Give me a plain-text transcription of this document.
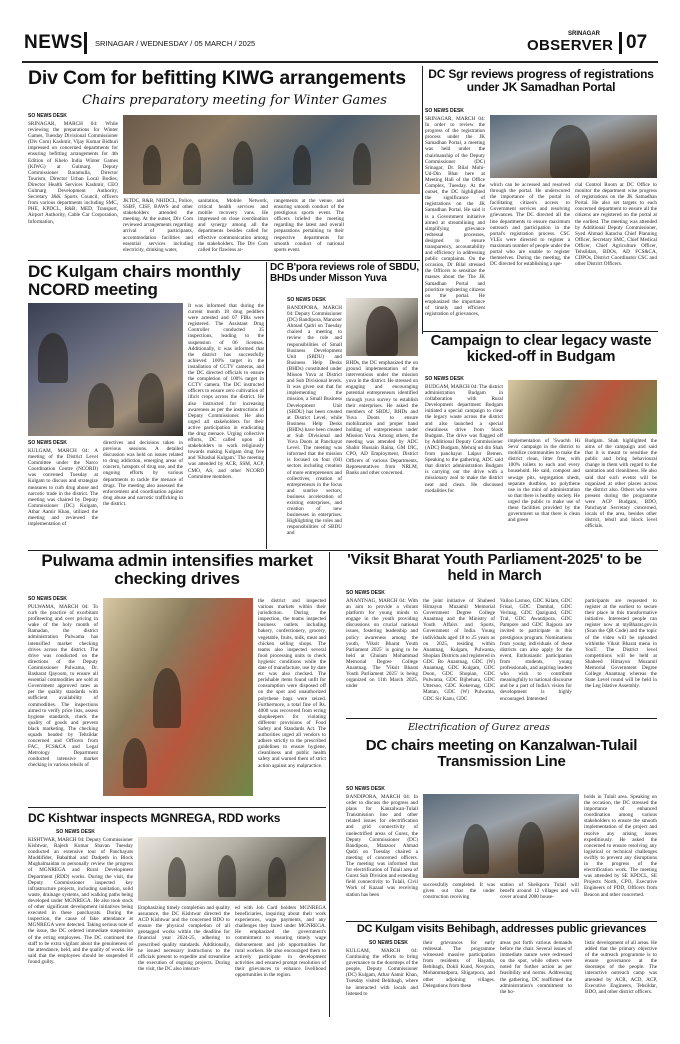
NEWS SRINAGAR / WEDNESDAY / 05 MARCH / 2025
SRINAGAR
OBSERVER 07
Div Com for befitting KIWG arrangements
Chairs preparatory meeting for Winter Games
SO NEWS DESK
SRINAGAR, MARCH 04: While reviewing the preparations for Winter Games, Tuesday Divisional Commissioner (Div Com) Kashmir, Vijay Kumar Bidhuri impressed on concerned departments for ensuring befitting arrangements for 4th Edition of Khelo India Winter Games (KIWG) at Gulmarg. Deputy Commissioner Baramulla, Director Tourism, Director Urban Local Bodies, Director Health Services Kashmir, CEO Gulmarg Development Authority, Secretary J&K Sports Council, officers from various departments including SMC, PHE, KPDCL, R&B, MED, Transport, Airport Authority, Cable Car Corporation, Information,
JKTDC, R&B, NHIDCL, Police, SSBF, CISF, BAWS and other stakeholders attended the meeting. At the outset, Div Com reviewed arrangements regarding arrival of participants, accommodation facilities and essential services including electricity, drinking water,
sanitation, Mobile Network, critical health services and mobile recovery vans. He impressed on close coordination and synergy among all the departments besides called for effective communication among the stakeholders. The Div Com called for flawless ar-
rangements at the venue, and ensuring smooth conduct of the prestigious sports event. The officers briefed the meeting regarding the latest and overall preparations pertaining to their respective departments for smooth conduct of national sports event.
DC Sgr reviews progress of registrations under JK Samadhan Portal
SO NEWS DESK
SRINAGAR, MARCH 04: In order to review the progress of the registration process under the JK Samadhan Portal, a meeting was held under the chairmanship of the Deputy Commissioner (DC) Srinagar, Dr. Bilal Mohi-Ud-Din Bhat here at Meeting Hall of the Office Complex, Tuesday. At the outset, the DC highlighted the significance of registrations on the JK Samadhan Portal. He said it is a Government initiative aimed at streamlining and simplifying grievance redressal processes, designed to ensure transparency, accountability and efficiency in addressing public complaints. On the occasion, Dr Bilal stressed the Officers to sensitize the masses about the The JK Samadhan Portal and prioritize registering citizens on the portal. He emphasized the importance of timely and efficient registration of grievances,
which can be accessed and resolved through the portal. He underscored the importance of the portal in facilitating citizen's access to Government services and resolving grievances. The DC directed all the line departments to ensure maximum outreach and participation in the portal's registration process. CSC VLEs were directed to register a maximum number of people under the portal who are unable to register themselves. During the meeting, the DC directed for establishing a spe-
cial Control Room at DC Office to monitor the department wise progress of registrations on the JK Samadhan Portal. He also set targets to each concerned department to ensure all the citizens are registered on the portal at the earliest. The meeting was attended by Additional Deputy Commissioner, Syed Ahmad Katacha Chief Planning Officer, Secretary SMC, Chief Medical Officer, Chief Agriculture Officer, Tehsildars, BDOs, AD FCS&CA, CDPOs, District Coordinator CSC and other District Officers.
DC Kulgam chairs monthly NCORD meeting
It was informed that during the current month 18 drug peddlers were arrested and 07 FIRs were registered. The Assistant Drug Controller conducted 35 inspections, leading to the suspension of 06 licenses. Additionally, it was informed that the district has successfully achieved 100% target in the installation of CCTV cameras, and the DC directed officials to ensure the completion of 100% target in CCTV camera. The DC instructed officers to ensure zero cultivation of illicit crops across the district. He also instructed for increasing awareness as per the instructions of Deputy Commissioner. He also urged all stakeholders for their active participation in eradicating the drug menace. Urging collective efforts, DC called upon all stakeholders to work religiously towards making Kulgam drug free and 'Khushal Kulgam.' The meeting was attended by ACR, SSM, ACP, CMO, AS, and other NCORD Committee members.
SO NEWS DESK
KULGAM, MARCH 04: A meeting of the District Level Committee under the Narco Coordination Centre (NCORD) was convened Tuesday at Kulgam to discuss and strategize measures to curb drug abuse and narcotic trade in the district. The meeting was chaired by Deputy Commissioner (DC) Kulgam, Athar Aamir Khan, utilized the meeting and reviewed the implementation of
directives and decisions taken in previous sessions. A detailed discussion was held on issues related to drug addiction, emerging areas of concern, hotspots of drug use, and the ongoing efforts by various departments to tackle the menace of drugs. The meeting also assessed the enforcement and coordination against drug abuse and narcotic trafficking in the district.
DC B'pora reviews role of SBDU, BHDs under Misson Yuva
SO NEWS DESK
BANDIPORA, MARCH 04: Deputy Commissioner (DC) Bandipora, Manzoor Ahmad Qadri on Tuesday chaired a meeting to review the role and responsibilities of Small Business Development Unit (SBDU) and Business Help Desks (BHDs) constituted under Misson Yuva at District and Sub Divisional levels. It was given out that for implementing the mission, a Small Business Development Unit (SBDU) has been created at District Level, while Business Help Desks (BHDs) have been created at Sub Divisional and Yuva Doots at Panchayat Level. The meeting was informed that the mission is focused on four (04) sectors including creation of more entrepreneurs and collectives, creation of entrepreneurs in the focus and sunrise sectors, business acceleration of existing enterprises, and creation of new businesses in enterprises. Highlighting the roles and responsibilities of SBDU and
BHDs, the DC emphasized the on ground implementation of the interventions under the mission yuva in the district. He stressed on engaging and encouraging potential entrepreneurs identified through yuva survey to establish their enterprises. He asked the members of SBDU, BHDs and Yuva Doots to ensure mobilization and proper hand holding of entrepreneurs under Mission Yuva. Among others, the meeting was attended by ADC Shabir Hussain Raina, GM DIC, CPO, AD Employment, District Officers of various Departments, Representatives from NRLM, Banks and other concerned.
Campaign to clear legacy waste kicked-off in Budgam
SO NEWS DESK
BUDGAM, MARCH 04: The district administration Budgam in collaboration with Rural Development department Budgam initiated a special campaign to clear the legacy waste across the district and also launched a special cleanliness drive from block Budgam. The drive was flagged off by Additional Deputy Commissioner (ADC) Budgam, Mehraj ud din Shah from panchayat Lalpur Bemen. Speaking to the gathering, ADC said that district administration Budgam is carrying out the drive with a missionary zeal to make the district neat and clean. He discussed modalities for
implementation of 'Swachh Hi Seva' campaign in the district to mobilize communities to make the district clean, litter free, with 100% toilets to each and every household. He said, compost and sewage pits, segregation sheds, separate dustbins, no polythene use in the mini of administration so that there is healthy society. He urged the public to make use of these facilities provided by the government so that there is clean and green
Budgam. Shah highlighted the aims of the campaign and said that it is meant to sensitise the public and bring behavioural change in them with regard to the sanitation and cleanliness. He also said that such events will be organized at other places across the district also. Others who were present during the programme were ACP Budgam, BDO, Panchayat Secretary concerned, locals of the area, besides other district, tehsil and block level officials.
Pulwama admin intensifies market checking drives
SO NEWS DESK
PULWAMA, MARCH 04: To curb the practice of exorbitant profiteering and over pricing in wake of the holy month of Ramadan, the district administration Pulwama has intensified market checking drives across the district. The drive was conducted on the directions of the Deputy Commissioner Pulwama, Dr. Basharat Qayoom, to ensure all essential commodities are sold at Government approved rates as per the quality standards with sufficient availability of commodities. The inspections aimed to verify price lists, assess hygiene standards, check the quality of goods and prevent black marketing. The checking squads headed by Tehsildar concerned and Officers from FAC, FCS&CA and Legal Metrology Department conducted intensive market checking in various tehsils of
the district and inspected various markets within their jurisdiction. During the inspection, the teams inspected business outlets including bakery, confectionery, grocery, vegetable, fruits, milk, meat and chicken selling shops. The teams also inspected several food processing units to check hygienic conditions while the date of manufacture, use by date etc was also checked. The perishable items found unfit for consumption were disposed off on the spot and unauthorized polythene bags were seized. Furthermore, a total fine of Rs. 4000 was recovered from erring shopkeepers for violating different provisions of Food Safety and Standards Act. The authorities urged all vendors to adhere strictly to the prescribed guidelines to ensure hygiene, cleanliness and public health safety and warned them of strict action against any malpractice.
'Viksit Bharat Youth Parliament-2025' to be held in March
SO NEWS DESK
ANANTNAG, MARCH 04: With an aim to provide a vibrant platform for young minds to engage in the youth providing discussions on crucial national issues, fostering leadership and policy awareness among the youth, 'Viksit Bharat Youth Parliament 2025' is going to be held at Ghulam Mohammad Memorial Degree College Anantnag. The 'Viksit Bharat Youth Parliament 2025' is being organized on 11th March 2025, under
the joint initiative of Shaheed Himayun Muzamil Memorial Government Degree College Anantnag and the Ministry of Youth Affairs and Sports, Government of India. Young individuals aged 18 to 25 years as on 2025, residing within Anantnag, Kulgam, Pulwama, Shopian Districts and registered in GDC Bo Anantnag, GDC (W) Anantnag, GDC Kulgam, GDC Doon, GDC Shopian, GDC Pulwama, GDC Bijbehara, GDC Uttersoo, GDC Kokernag, GDC Mattan, GDC (W) Pulwama, GDC Sir Kanu, GDC
Vailoo Larnoo, GDC Kilam, GDC Frisal, GDC Damhal, GDC Verinag, GDC Qazigund, GDC Tral, GDC Awantipora, GDC Pampore and GDC Rajpora are invited to participate in this prestigious program. Nominations from young individuals of these districts can also apply for the event. Enthusiastic participation from students, young professionals, and aspiring leaders who wish to contribute meaningfully to national discourse and be a part of India's vision for development is highly encouraged. Interested
participants are requested to register at the earliest to secure their place in this transformative initiative. Interested people can register now at myBharat.gov.in (Scan the QR Code) and the topic of the video will be uploaded withinthe Viksit Bharat menu in YouT. The District level competitions will be held at Shaheed Himayun Muzamil Memorial Government Degree College Anantnag whereas the State Level round will be held in the Leg Islative Assembly.
Electrification of Gurez areas
DC chairs meeting on Kanzalwan-Tulail Transmission Line
SO NEWS DESK
BANDIPORA, MARCH 04: In order to discuss the progress and plans for Kanzalwan-Tulail Transmission line and other related issues for electrification and grid connectivity of unelectrified areas of Gurez, the Deputy Commissioner (DC) Bandipora, Manzoor Ahmad Qadri on Tuesday chaired a meeting of concerned officers. The meeting was informed that for electrification of Tulail area of Gurez Sub Division and extending field connectivity to Tulail, Civil Work of Kazaal was receiving station has been
successfully completed. It was given out that the under construction receiving
station of Sheikpora Tulail will benefit around 12 villages and will cover around 2000 house-
holds in Tulail area. Speaking on the occasion, the DC stressed the importance of enhanced coordination among various stakeholders to ensure the smooth implementation of the project and resolve any arising issues expeditiously. He asked the concerned to ensure resolving any logistical or technical challenges swiftly to prevent any disruptions in the progress of the electrification work. The meeting was attended by SE KPDCL, SE Projects North, CPO, Executive Engineers of PDD, Officers from Beacon and other concerned.
DC Kishtwar inspects MGNREGA, RDD works
SO NEWS DESK
KISHTWAR, MARCH 04: Deputy Commissioner Kishtwar, Rajesh Kumar Shavan Tuesday conducted an extensive tour of Panchayats Muddifider, Babalthal and Dadpeth in Block Mughalmaidan to personally review the progress of MGNREGA and Rural Development Department (RDD) works. During the visit, the Deputy Commissioner inspected key infrastructure projects, including sanitation, solid waste, drainage systems, and walking paths being developed under MGNREGA. He also took stock of other significant development initiatives being executed in these panchayats. During the inspection, the cause of fake attendance at MGNREGA were detected. Taking serious note of the issue, the DC ordered immediate suspension of the erring employees. The DC continued the staff to be extra vigilant about the genuineness of the attendance, held, and the quality of works. He said that the employees should be suspended if found guilty.
Emphasizing timely completion and quality assurance, the DC Kishtwar directed the ACD Kishtwar and the concerned BDO to ensure the physical completion of all geotagged works within the deadline for financial year 2024-25, adhering to prescribed quality standards. Additionally, he issued necessary instructions to the officials present to expedite and streamline the execution of ongoing projects. During the visit, the DC also interact-
ed with Job Card holders MGNREGA beneficiaries, inquiring about their work experiences, wage payments, and any challenges they faced under MGNREGA. He emphasized the government's commitment to ensuring timely wage disbursement and job opportunities for rural workers. He also encouraged them to actively participate in development activities and ensured prompt resolution of their grievances to enhance livelihood opportunities in the region.
DC Kulgam visits Behibagh, addresses public grievances
SO NEWS DESK
KULGAM, MARCH 04: Continuing the efforts to bring governance to the doorsteps of the people, Deputy Commissioner (DC) Kulgam, Athar Aamir Khan, Tuesday visited Behibagh, where he interacted with locals and listened to
their grievances for early redressal. The programme witnessed massive participation from residents of Hayatla, Behibagh, Dokli Kund, Novpora, Mohammadpora, Shigarpora, and other adjoining villages. Delegations from these
areas put forth various demands before the chair. Several issues of immediate nature were redressed on the spot, while others were noted for further action as per feasibility and norms. Addressing the gathering, DC reaffirmed the administration's commitment to the ho-
listic development of all areas. He added that the primary objective of the outreach programme is to ensure governance at the doorsteps of the people. The interactive outreach camp was attended by ACR, ACD, ACP, Executive Engineers, Tehsildar, BDO, and other district officers.
